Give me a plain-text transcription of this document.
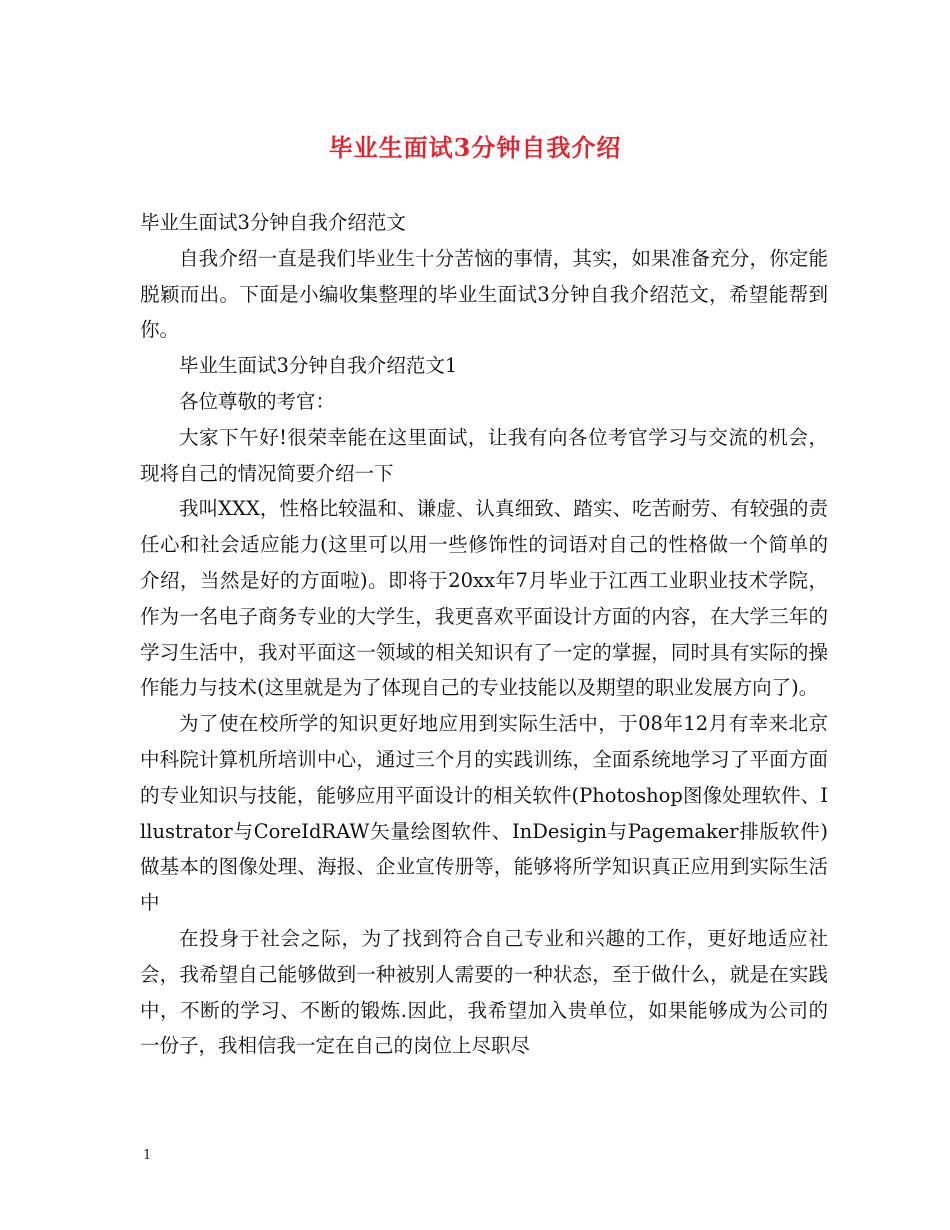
毕业生面试3分钟自我介绍

毕业生面试3分钟自我介绍范文

自我介绍一直是我们毕业生十分苦恼的事情，其实，如果准备充分，你定能脱颖而出。下面是小编收集整理的毕业生面试3分钟自我介绍范文，希望能帮到你。

毕业生面试3分钟自我介绍范文1

各位尊敬的考官：

大家下午好!很荣幸能在这里面试，让我有向各位考官学习与交流的机会，现将自己的情况简要介绍一下

我叫XXX，性格比较温和、谦虚、认真细致、踏实、吃苦耐劳、有较强的责任心和社会适应能力(这里可以用一些修饰性的词语对自己的性格做一个简单的介绍，当然是好的方面啦)。即将于20xx年7月毕业于江西工业职业技术学院，作为一名电子商务专业的大学生，我更喜欢平面设计方面的内容，在大学三年的学习生活中，我对平面这一领域的相关知识有了一定的掌握，同时具有实际的操作能力与技术(这里就是为了体现自己的专业技能以及期望的职业发展方向了)。

为了使在校所学的知识更好地应用到实际生活中，于08年12月有幸来北京中科院计算机所培训中心，通过三个月的实践训练，全面系统地学习了平面方面的专业知识与技能，能够应用平面设计的相关软件(Photoshop图像处理软件、Illustrator与CoreIdRAW矢量绘图软件、InDesigin与Pagemaker排版软件)做基本的图像处理、海报、企业宣传册等，能够将所学知识真正应用到实际生活中

在投身于社会之际，为了找到符合自己专业和兴趣的工作，更好地适应社会，我希望自己能够做到一种被别人需要的一种状态，至于做什么，就是在实践中，不断的学习、不断的锻炼.因此，我希望加入贵单位，如果能够成为公司的一份子，我相信我一定在自己的岗位上尽职尽

1
